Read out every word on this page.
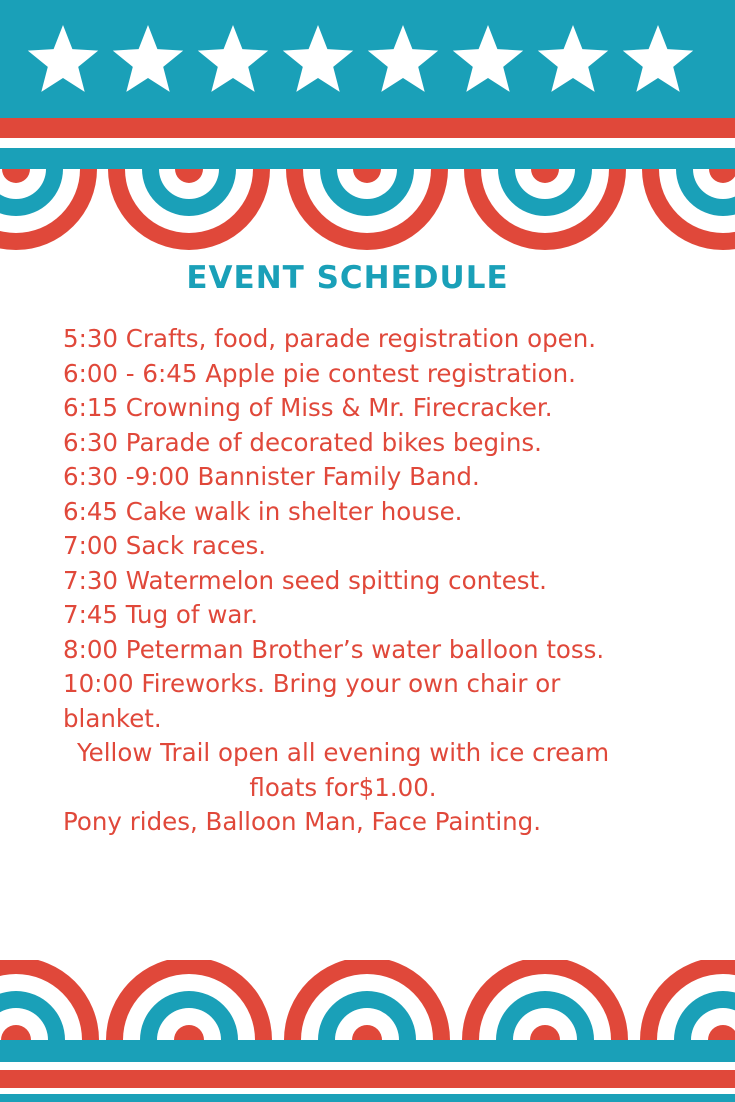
EVENT SCHEDULE
5:30 Crafts, food, parade registration open.
6:00 - 6:45 Apple pie contest registration.
6:15 Crowning of Miss & Mr. Firecracker.
6:30 Parade of decorated bikes begins.
6:30 -9:00 Bannister Family Band.
6:45 Cake walk in shelter house.
7:00 Sack races.
7:30 Watermelon seed spitting contest.
7:45 Tug of war.
8:00 Peterman Brother’s water balloon toss.
10:00 Fireworks. Bring your own chair or blanket.
Yellow Trail open all evening with ice cream floats for$1.00.
Pony rides, Balloon Man, Face Painting.
